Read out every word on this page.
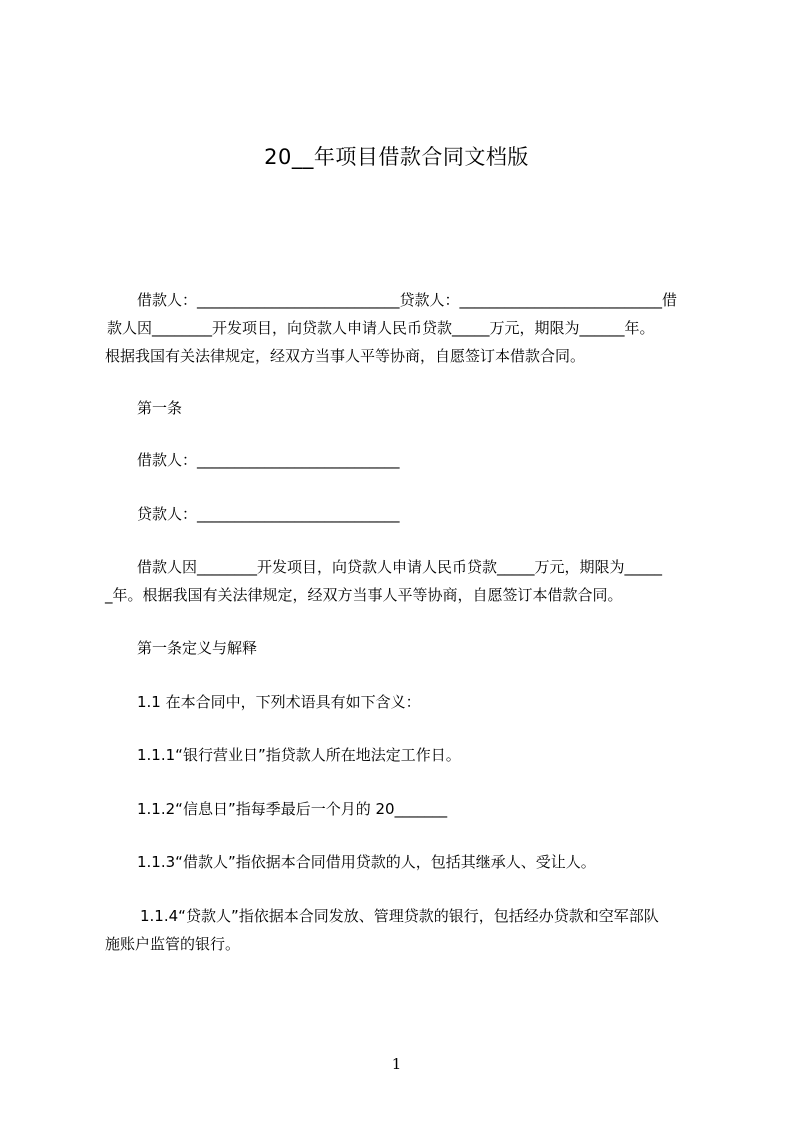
20__年项目借款合同文档版
借款人：___________________________贷款人：___________________________借
款人因________开发项目，向贷款人申请人民币贷款_____万元，期限为______年。
根据我国有关法律规定，经双方当事人平等协商，自愿签订本借款合同。
第一条
借款人：___________________________
贷款人：___________________________
借款人因________开发项目，向贷款人申请人民币贷款_____万元，期限为_____
_年。根据我国有关法律规定，经双方当事人平等协商，自愿签订本借款合同。
第一条定义与解释
1.1 在本合同中，下列术语具有如下含义：
1.1.1“银行营业日”指贷款人所在地法定工作日。
1.1.2“信息日”指每季最后一个月的 20_______
1.1.3“借款人”指依据本合同借用贷款的人，包括其继承人、受让人。
1.1.4“贷款人”指依据本合同发放、管理贷款的银行，包括经办贷款和空军部队
施账户监管的银行。
1
